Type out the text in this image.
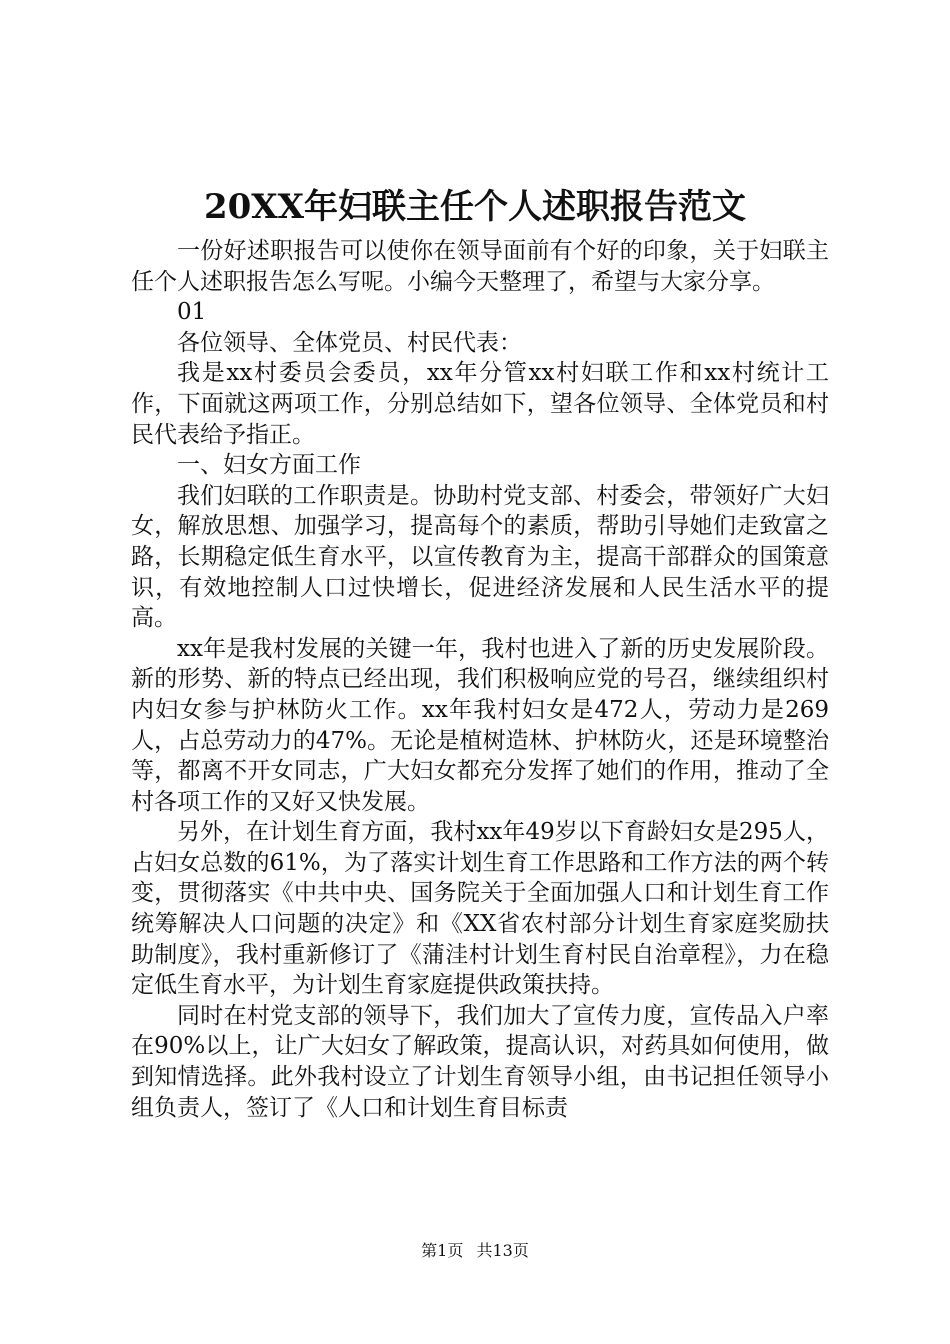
20XX年妇联主任个人述职报告范文

一份好述职报告可以使你在领导面前有个好的印象，关于妇联主任个人述职报告怎么写呢。小编今天整理了，希望与大家分享。

01

各位领导、全体党员、村民代表：

我是xx村委员会委员，xx年分管xx村妇联工作和xx村统计工作，下面就这两项工作，分别总结如下，望各位领导、全体党员和村民代表给予指正。

一、妇女方面工作

我们妇联的工作职责是。协助村党支部、村委会，带领好广大妇女，解放思想、加强学习，提高每个的素质，帮助引导她们走致富之路，长期稳定低生育水平，以宣传教育为主，提高干部群众的国策意识，有效地控制人口过快增长，促进经济发展和人民生活水平的提高。

xx年是我村发展的关键一年，我村也进入了新的历史发展阶段。新的形势、新的特点已经出现，我们积极响应党的号召，继续组织村内妇女参与护林防火工作。xx年我村妇女是472人，劳动力是269人，占总劳动力的47%。无论是植树造林、护林防火，还是环境整治等，都离不开女同志，广大妇女都充分发挥了她们的作用，推动了全村各项工作的又好又快发展。

另外，在计划生育方面，我村xx年49岁以下育龄妇女是295人，占妇女总数的61%，为了落实计划生育工作思路和工作方法的两个转变，贯彻落实《中共中央、国务院关于全面加强人口和计划生育工作统筹解决人口问题的决定》和《XX省农村部分计划生育家庭奖励扶助制度》，我村重新修订了《蒲洼村计划生育村民自治章程》，力在稳定低生育水平，为计划生育家庭提供政策扶持。

同时在村党支部的领导下，我们加大了宣传力度，宣传品入户率在90%以上，让广大妇女了解政策，提高认识，对药具如何使用，做到知情选择。此外我村设立了计划生育领导小组，由书记担任领导小组负责人，签订了《人口和计划生育目标责

第1页 共13页
